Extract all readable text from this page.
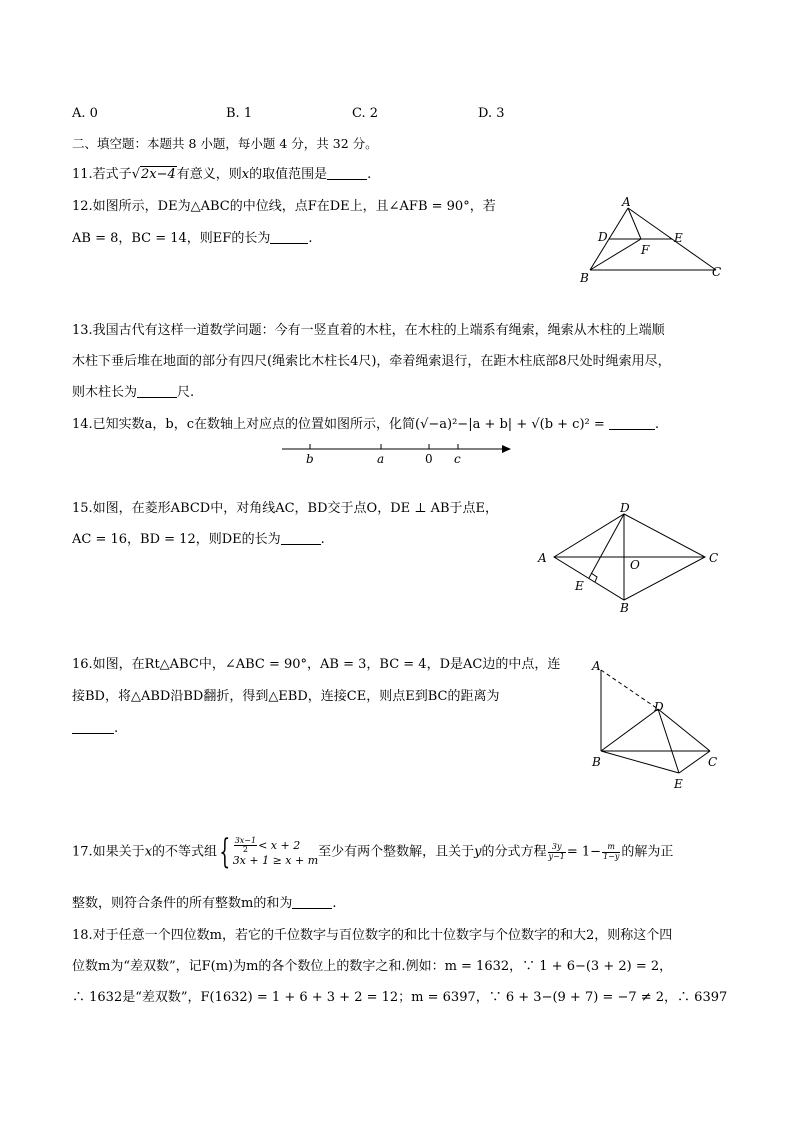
A. 0	B. 1	C. 2	D. 3
二、填空题：本题共 8 小题，每小题 4 分，共 32 分。
11.若式子√2x−4有意义，则x的取值范围是	.
12.如图所示，DE为△ABC的中位线，点F在DE上，且∠AFB = 90°，若
AB = 8，BC = 14，则EF的长为	.
A
B	C
D	E
F
13.我国古代有这样一道数学问题：今有一竖直着的木柱，在木柱的上端系有绳索，绳索从木柱的上端顺
木柱下垂后堆在地面的部分有四尺(绳索比木柱长4尺)，牵着绳索退行，在距木柱底部8尺处时绳索用尽，
则木柱长为	尺.
14.已知实数a，b，c在数轴上对应点的位置如图所示，化简(√−a)²−|a + b| + √(b + c)² =	.
b	a	0 c
15.如图，在菱形ABCD中，对角线AC，BD交于点O，DE ⊥ AB于点E，
AC = 16，BD = 12，则DE的长为	.
D
A	C
B
E
O
16.如图，在Rt△ABC中，∠ABC = 90°，AB = 3，BC = 4，D是AC边的中点，连
接BD，将△ABD沿BD翻折，得到△EBD，连接CE，则点E到BC的距离为
.
A
D
B	C
E
17.如果关于x的不等式组{ $\frac{3x-1}{2} < x + 2$
3x + 1 ≥ x + m
至少有两个整数解，且关于y的分式方程 $\frac{3y}{y-1} = 1- \frac{m}{1-y}$ 的解为正
整数，则符合条件的所有整数m的和为	.
18.对于任意一个四位数m，若它的千位数字与百位数字的和比十位数字与个位数字的和大2，则称这个四
位数m为“差双数”，记F(m)为m的各个数位上的数字之和.例如：m = 1632，∵ 1 + 6−(3 + 2) = 2，
∴ 1632是“差双数”，F(1632) = 1 + 6 + 3 + 2 = 12；m = 6397，∵ 6 + 3−(9 + 7) = −7 ≠ 2，∴ 6397
